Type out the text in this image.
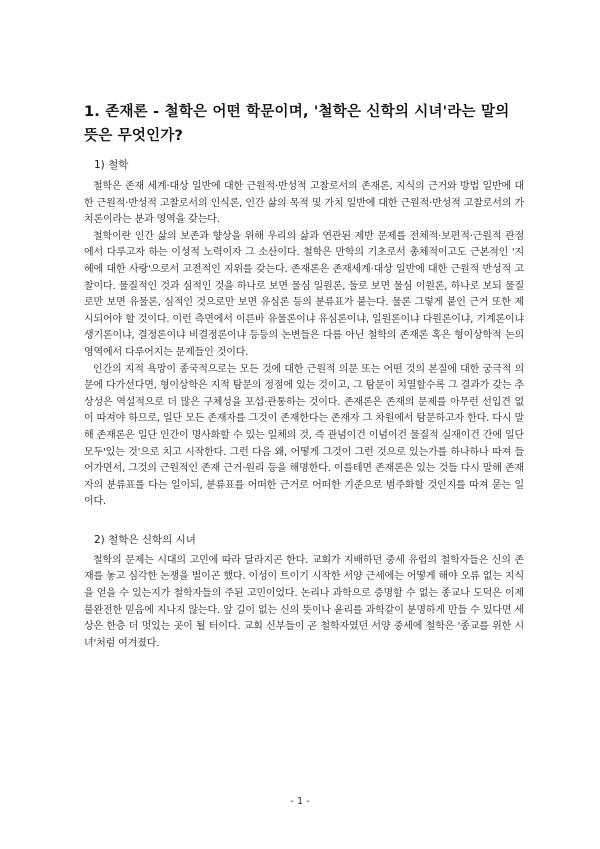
1. 존재론 - 철학은 어떤 학문이며, '철학은 신학의 시녀'라는 말의 뜻은 무엇인가?

1) 철학

철학은 존재 세계·대상 일반에 대한 근원적·반성적 고찰로서의 존재론, 지식의 근거와 방법 일반에 대한 근원적·반성적 고찰로서의 인식론, 인간 삶의 목적 및 가치 일반에 대한 근원적·반성적 고찰로서의 가치론이라는 분과 영역을 갖는다.

철학이란 인간 삶의 보존과 향상을 위해 우리의 삶과 연관된 제반 문제를 전체적·보편적·근원적 관점에서 다루고자 하는 이성적 노력이자 그 소산이다. 철학은 만학의 기초로서 총체적이고도 근본적인 '지혜에 대한 사랑'으로서 고전적인 지위를 갖는다. 존재론은 존재세계·대상 일반에 대한 근원적 반성적 고찰이다. 물질적인 것과 심적인 것을 하나로 보면 물심 일원론, 둘로 보면 물심 이원론, 하나로 보되 물질로만 보면 유물론, 심적인 것으로만 보면 유심론 등의 분류표가 붙는다. 물론 그렇게 붙인 근거 또한 제시되어야 할 것이다. 이런 측면에서 이른바 유물론이냐 유심론이냐, 일원론이냐 다원론이냐, 기계론이냐 생기론이냐, 결정론이냐 비결정론이냐 등등의 논변들은 다름 아닌 철학의 존재론 혹은 형이상학적 논의 영역에서 다루어지는 문제들인 것이다.

인간의 지적 욕망이 종국적으로는 모든 것에 대한 근원적 의문 또는 어떤 것의 본질에 대한 궁극적 의문에 다가선다면, 형이상학은 지적 탐문의 정점에 있는 것이고, 그 탐문이 치열할수록 그 결과가 갖는 추상성은 역설적으로 더 많은 구체성을 포섭·관통하는 것이다. 존재론은 존재의 문제를 아무런 선입견 없이 따져야 하므로, 일단 모든 존재자를 그것이 존재한다는 존재자 그 차원에서 탐문하고자 한다. 다시 말해 존재론은 일단 인간이 명사화할 수 있는 일체의 것, 즉 관념이건 이념이건 물질적 실재이건 간에 일단 모두'있는 것'으로 치고 시작한다. 그런 다음 왜, 어떻게 그것이 그런 것으로 있는가를 하나하나 따져 들어가면서, 그것의 근원적인 존재 근거·원리 등을 해명한다. 이를테면 존재론은 있는 것들 다시 말해 존재자의 분류표를 다는 일이되, 분류표를 어떠한 근거로 어떠한 기준으로 범주화할 것인지를 따져 묻는 일이다.

2) 철학은 신학의 시녀

철학의 문제는 시대의 고민에 따라 달라지곤 한다. 교회가 지배하던 중세 유럽의 철학자들은 신의 존재를 놓고 심각한 논쟁을 벌이곤 했다. 이성이 트이기 시작한 서양 근세에는 어떻게 해야 오류 없는 지식을 얻을 수 있는지가 철학자들의 주된 고민이었다. 논리나 과학으로 증명할 수 없는 종교나 도덕은 이제 불완전한 믿음에 지나지 않는다. 앞 길이 없는 신의 뜻이나 윤리를 과학같이 분명하게 만들 수 있다면 세상은 한층 더 멋있는 곳이 될 터이다. 교회 신부들이 곧 철학자였던 서양 중세에 철학은 '종교를 위한 시녀'처럼 여겨졌다.

- 1 -
